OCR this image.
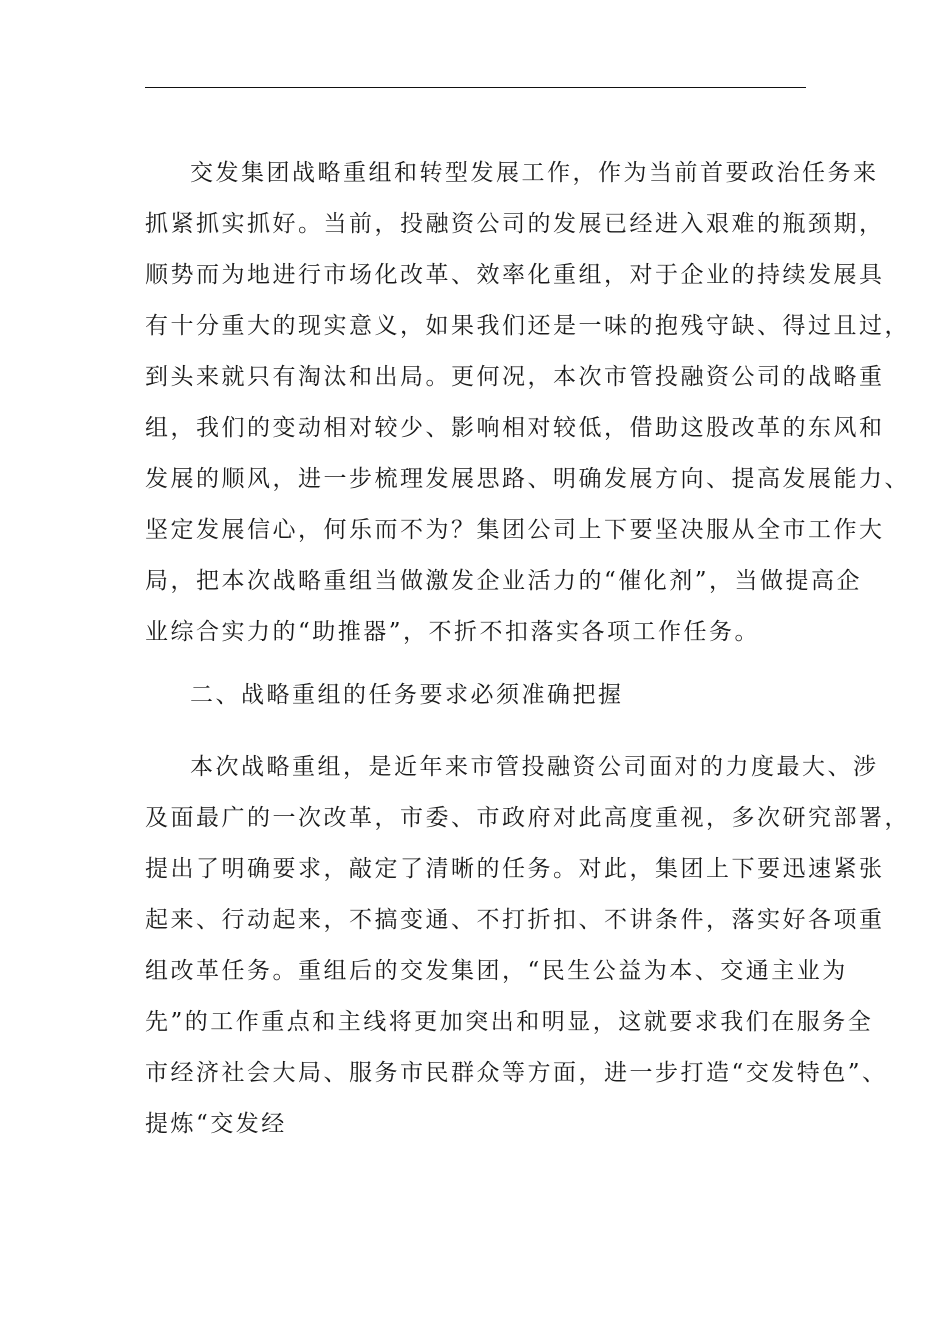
交发集团战略重组和转型发展工作，作为当前首要政治任务来
抓紧抓实抓好。当前，投融资公司的发展已经进入艰难的瓶颈期，
顺势而为地进行市场化改革、效率化重组，对于企业的持续发展具
有十分重大的现实意义，如果我们还是一味的抱残守缺、得过且过，
到头来就只有淘汰和出局。更何况，本次市管投融资公司的战略重
组，我们的变动相对较少、影响相对较低，借助这股改革的东风和
发展的顺风，进一步梳理发展思路、明确发展方向、提高发展能力、
坚定发展信心，何乐而不为？集团公司上下要坚决服从全市工作大
局，把本次战略重组当做激发企业活力的“催化剂”，当做提高企
业综合实力的“助推器”，不折不扣落实各项工作任务。
二、战略重组的任务要求必须准确把握
本次战略重组，是近年来市管投融资公司面对的力度最大、涉
及面最广的一次改革，市委、市政府对此高度重视，多次研究部署，
提出了明确要求，敲定了清晰的任务。对此，集团上下要迅速紧张
起来、行动起来，不搞变通、不打折扣、不讲条件，落实好各项重
组改革任务。重组后的交发集团，“民生公益为本、交通主业为
先”的工作重点和主线将更加突出和明显，这就要求我们在服务全
市经济社会大局、服务市民群众等方面，进一步打造“交发特色”、
提炼“交发经
